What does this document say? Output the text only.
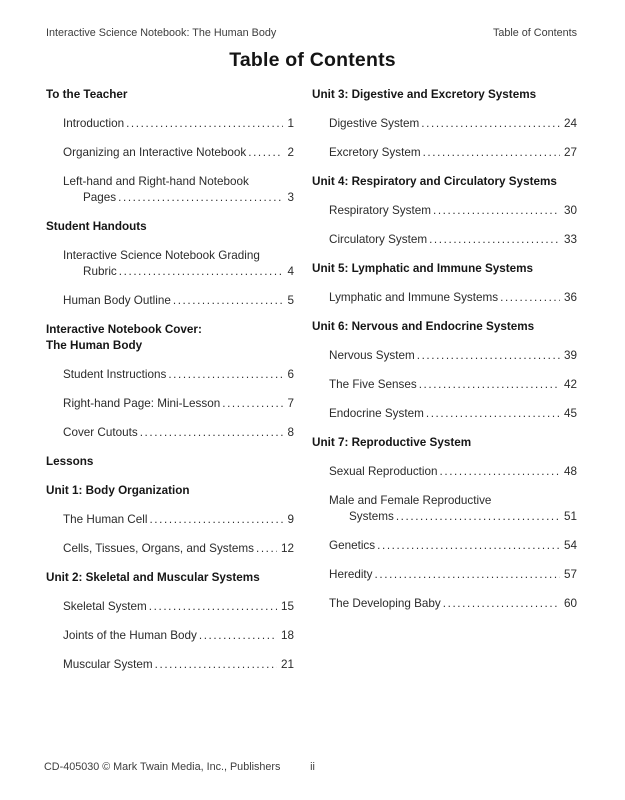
Interactive Science Notebook: The Human Body	Table of Contents
Table of Contents
To the Teacher
Introduction .....	1
Organizing an Interactive Notebook .....	2
Left-hand and Right-hand Notebook
Pages .....	3
Student Handouts
Interactive Science Notebook Grading
Rubric .....	4
Human Body Outline .....	5
Interactive Notebook Cover:
The Human Body
Student Instructions .....	6
Right-hand Page: Mini-Lesson .....	7
Cover Cutouts .....	8
Lessons
Unit 1: Body Organization
The Human Cell .....	9
Cells, Tissues, Organs, and Systems ..... 12
Unit 2: Skeletal and Muscular Systems
Skeletal System .....	15
Joints of the Human Body .....	18
Muscular System .....	21
Unit 3: Digestive and Excretory Systems
Digestive System .....	24
Excretory System .....	27
Unit 4: Respiratory and Circulatory Systems
Respiratory System .....	30
Circulatory System .....	33
Unit 5: Lymphatic and Immune Systems
Lymphatic and Immune Systems .....	36
Unit 6: Nervous and Endocrine Systems
Nervous System .....	39
The Five Senses .....	42
Endocrine System .....	45
Unit 7: Reproductive System
Sexual Reproduction .....	48
Male and Female Reproductive
Systems .....	51
Genetics .....	54
Heredity .....	57
The Developing Baby .....	60
CD-405030 © Mark Twain Media, Inc., Publishers	ii
